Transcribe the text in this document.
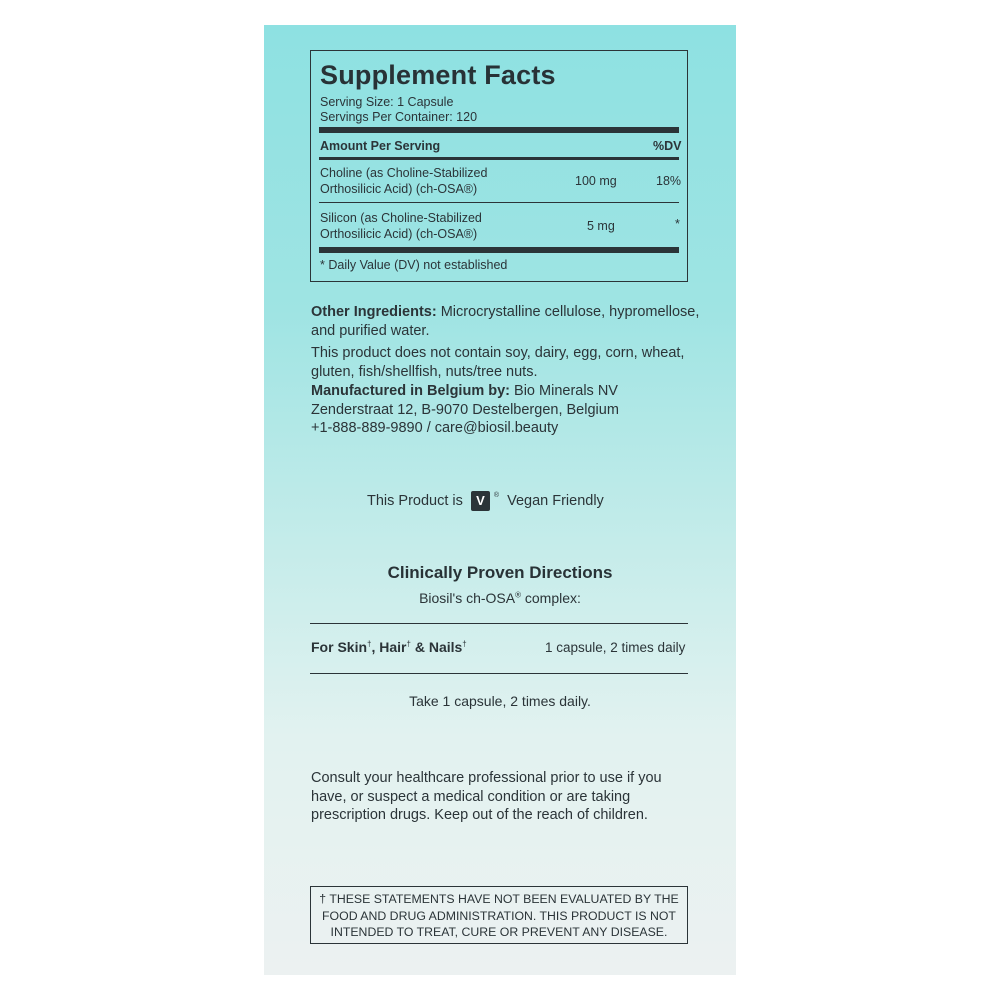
Supplement Facts
Serving Size: 1 Capsule
Servings Per Container: 120
Amount Per Serving	%DV
Choline (as Choline-Stabilized
Orthosilicic Acid) (ch-OSA®)
100 mg	18%
Silicon (as Choline-Stabilized
Orthosilicic Acid) (ch-OSA®)
5 mg	*
* Daily Value (DV) not established
Other Ingredients: Microcrystalline cellulose, hypromellose, and purified water.
This product does not contain soy, dairy, egg, corn, wheat, gluten, fish/shellfish, nuts/tree nuts.
Manufactured in Belgium by: Bio Minerals NV
Zenderstraat 12, B-9070 Destelbergen, Belgium
+1-888-889-9890 / care@biosil.beauty
This Product is	V	® Vegan Friendly
Clinically Proven Directions
Biosil's ch-OSA® complex:
For Skin†, Hair† & Nails†	1 capsule, 2 times daily
Take 1 capsule, 2 times daily.
Consult your healthcare professional prior to use if you have, or suspect a medical condition or are taking prescription drugs. Keep out of the reach of children.
† THESE STATEMENTS HAVE NOT BEEN EVALUATED BY THE FOOD AND DRUG ADMINISTRATION. THIS PRODUCT IS NOT INTENDED TO TREAT, CURE OR PREVENT ANY DISEASE.
